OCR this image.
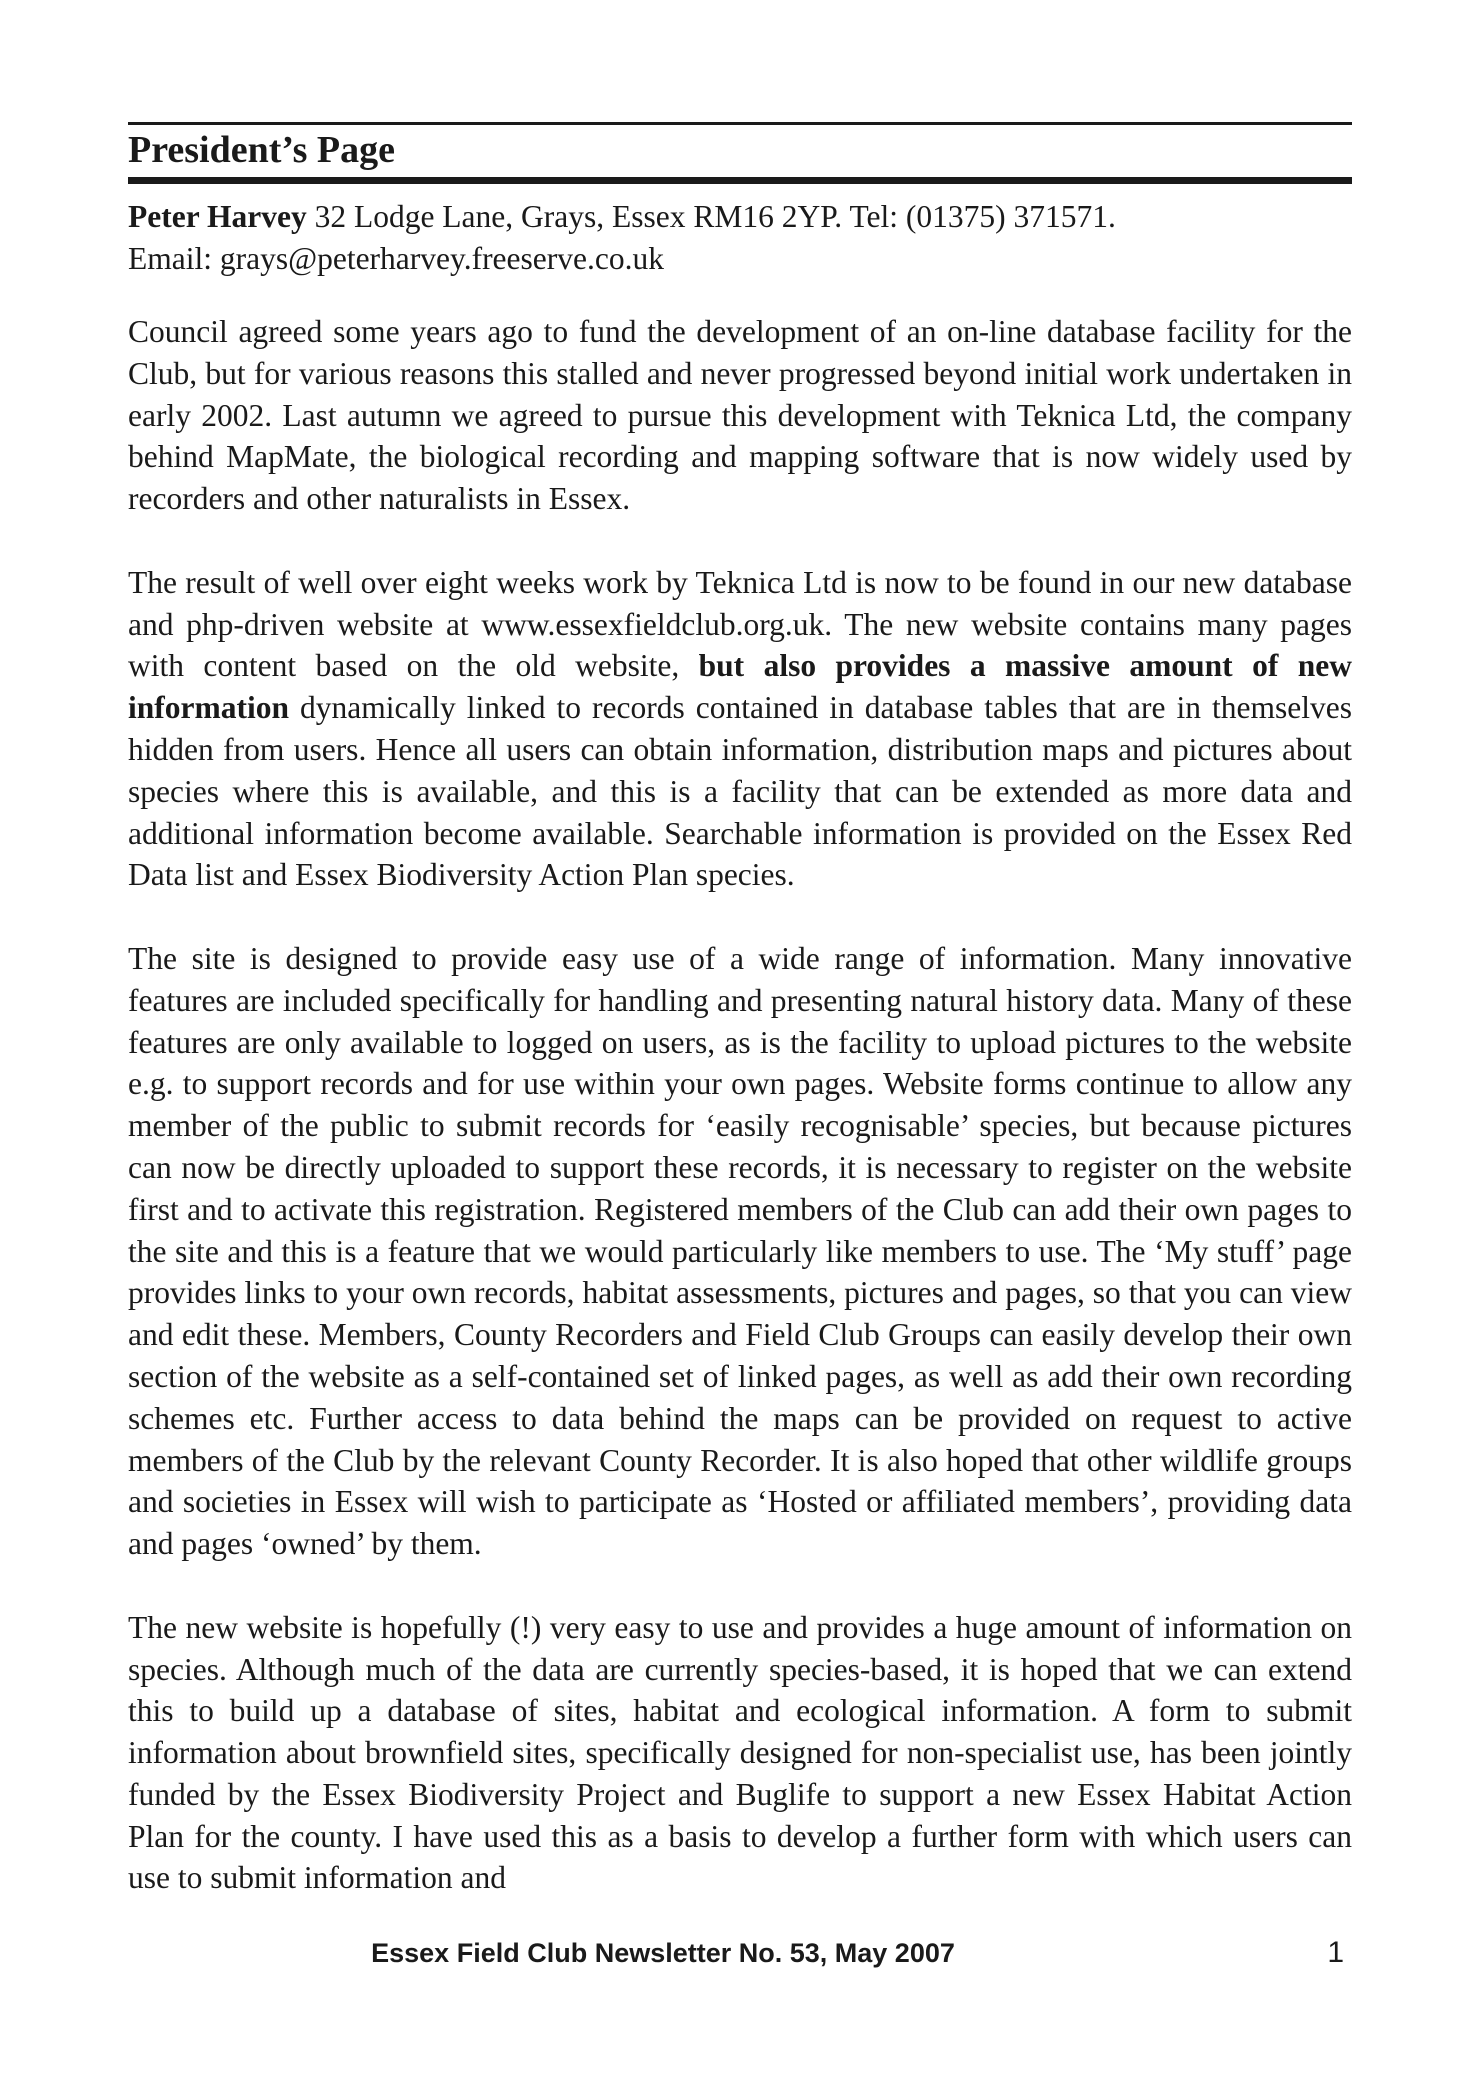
President’s Page

Peter Harvey 32 Lodge Lane, Grays, Essex RM16 2YP. Tel: (01375) 371571.

Email: grays@peterharvey.freeserve.co.uk

Council agreed some years ago to fund the development of an on-line database facility for the Club, but for various reasons this stalled and never progressed beyond initial work undertaken in early 2002. Last autumn we agreed to pursue this development with Teknica Ltd, the company behind MapMate, the biological recording and mapping software that is now widely used by recorders and other naturalists in Essex.

The result of well over eight weeks work by Teknica Ltd is now to be found in our new database and php-driven website at www.essexfieldclub.org.uk. The new website contains many pages with content based on the old website, but also provides a massive amount of new information dynamically linked to records contained in database tables that are in themselves hidden from users. Hence all users can obtain information, distribution maps and pictures about species where this is available, and this is a facility that can be extended as more data and additional information become available. Searchable information is provided on the Essex Red Data list and Essex Biodiversity Action Plan species.

The site is designed to provide easy use of a wide range of information. Many innovative features are included specifically for handling and presenting natural history data. Many of these features are only available to logged on users, as is the facility to upload pictures to the website e.g. to support records and for use within your own pages. Website forms continue to allow any member of the public to submit records for ‘easily recognisable’ species, but because pictures can now be directly uploaded to support these records, it is necessary to register on the website first and to activate this registration. Registered members of the Club can add their own pages to the site and this is a feature that we would particularly like members to use. The ‘My stuff’ page provides links to your own records, habitat assessments, pictures and pages, so that you can view and edit these. Members, County Recorders and Field Club Groups can easily develop their own section of the website as a self-contained set of linked pages, as well as add their own recording schemes etc. Further access to data behind the maps can be provided on request to active members of the Club by the relevant County Recorder. It is also hoped that other wildlife groups and societies in Essex will wish to participate as ‘Hosted or affiliated members’, providing data and pages ‘owned’ by them.

The new website is hopefully (!) very easy to use and provides a huge amount of information on species. Although much of the data are currently species-based, it is hoped that we can extend this to build up a database of sites, habitat and ecological information. A form to submit information about brownfield sites, specifically designed for non-specialist use, has been jointly funded by the Essex Biodiversity Project and Buglife to support a new Essex Habitat Action Plan for the county. I have used this as a basis to develop a further form with which users can use to submit information and

Essex Field Club Newsletter No. 53, May 2007	1
